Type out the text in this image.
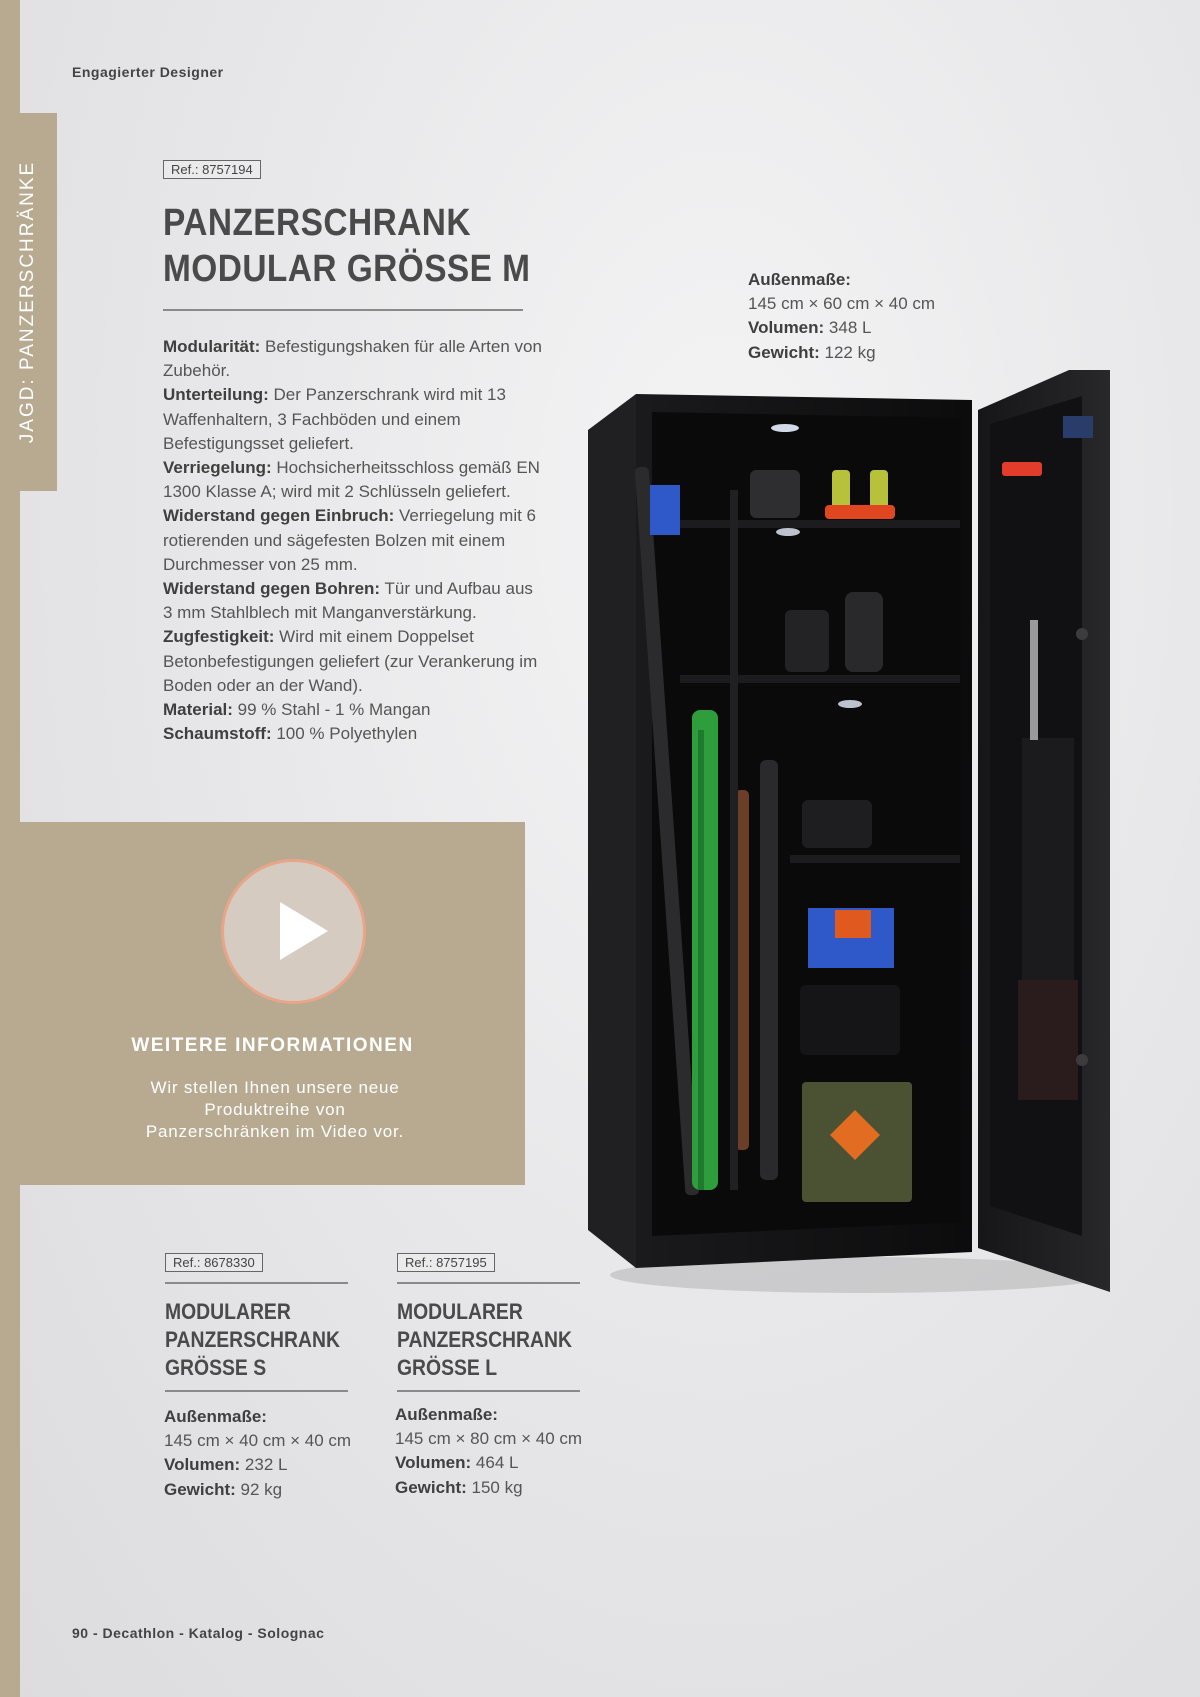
JAGD: PANZERSCHRÄNKE
Engagierter Designer
Ref.: 8757194
PANZERSCHRANK
MODULAR GRÖSSE M

Modularität: Befestigungshaken für alle Arten von Zubehör.

Unterteilung: Der Panzerschrank wird mit 13 Waffenhaltern, 3 Fachböden und einem Befestigungsset geliefert.

Verriegelung: Hochsicherheitsschloss gemäß EN 1300 Klasse A; wird mit 2 Schlüsseln geliefert.

Widerstand gegen Einbruch: Verriegelung mit 6 rotierenden und sägefesten Bolzen mit einem Durchmesser von 25 mm.

Widerstand gegen Bohren: Tür und Aufbau aus 3 mm Stahlblech mit Manganverstärkung.

Zugfestigkeit: Wird mit einem Doppelset Betonbefestigungen geliefert (zur Verankerung im Boden oder an der Wand).

Material: 99 % Stahl - 1 % Mangan

Schaumstoff: 100 % Polyethylen

Außenmaße:
145 cm × 60 cm × 40 cm
Volumen: 348 L
Gewicht: 122 kg
WEITERE INFORMATIONEN
Wir stellen Ihnen unsere neue Produktreihe von Panzerschränken im Video vor.
Ref.: 8678330
MODULARER
PANZERSCHRANK
GRÖSSE S
Außenmaße:
145 cm × 40 cm × 40 cm
Volumen: 232 L
Gewicht: 92 kg
Ref.: 8757195
MODULARER
PANZERSCHRANK
GRÖSSE L
Außenmaße:
145 cm × 80 cm × 40 cm
Volumen: 464 L
Gewicht: 150 kg
90 - Decathlon - Katalog - Solognac
